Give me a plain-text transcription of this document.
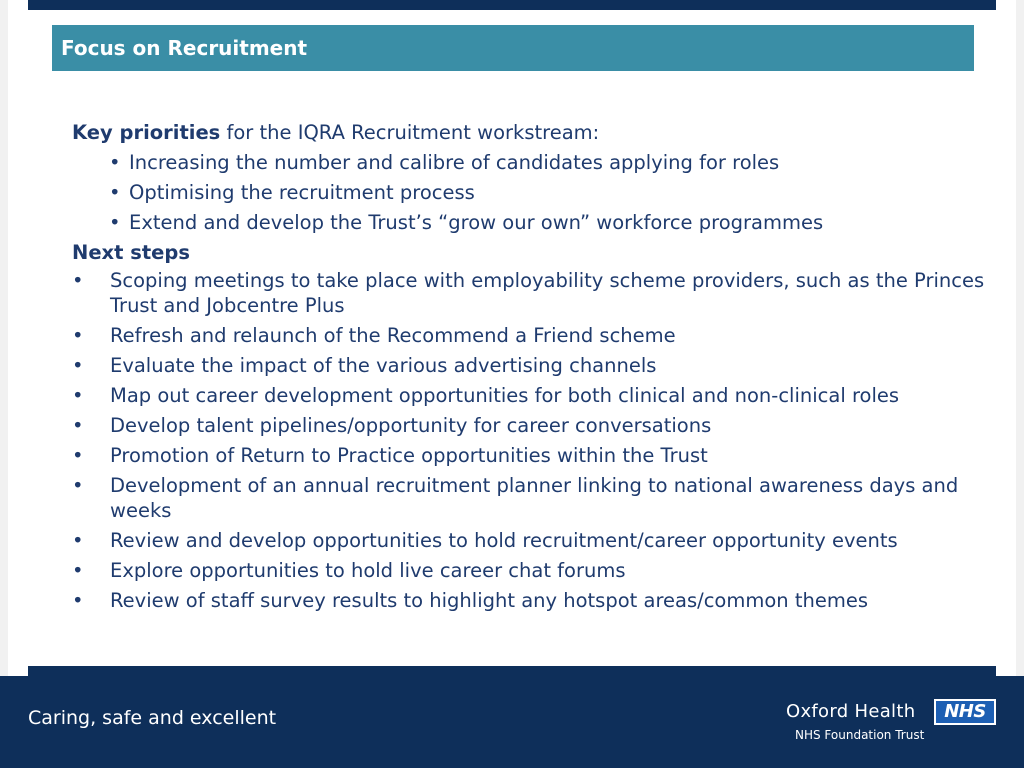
Focus on Recruitment
Key priorities for the IQRA Recruitment workstream:
• Increasing the number and calibre of candidates applying for roles
• Optimising the recruitment process
• Extend and develop the Trust’s “grow our own” workforce programmes
Next steps
• Scoping meetings to take place with employability scheme providers, such as the Princes Trust and Jobcentre Plus
• Refresh and relaunch of the Recommend a Friend scheme
• Evaluate the impact of the various advertising channels
• Map out career development opportunities for both clinical and non-clinical roles
• Develop talent pipelines/opportunity for career conversations
• Promotion of Return to Practice opportunities within the Trust
• Development of an annual recruitment planner linking to national awareness days and weeks
• Review and develop opportunities to hold recruitment/career opportunity events
• Explore opportunities to hold live career chat forums
• Review of staff survey results to highlight any hotspot areas/common themes
Caring, safe and excellent	Oxford Health
NHS Foundation Trust
NHS
